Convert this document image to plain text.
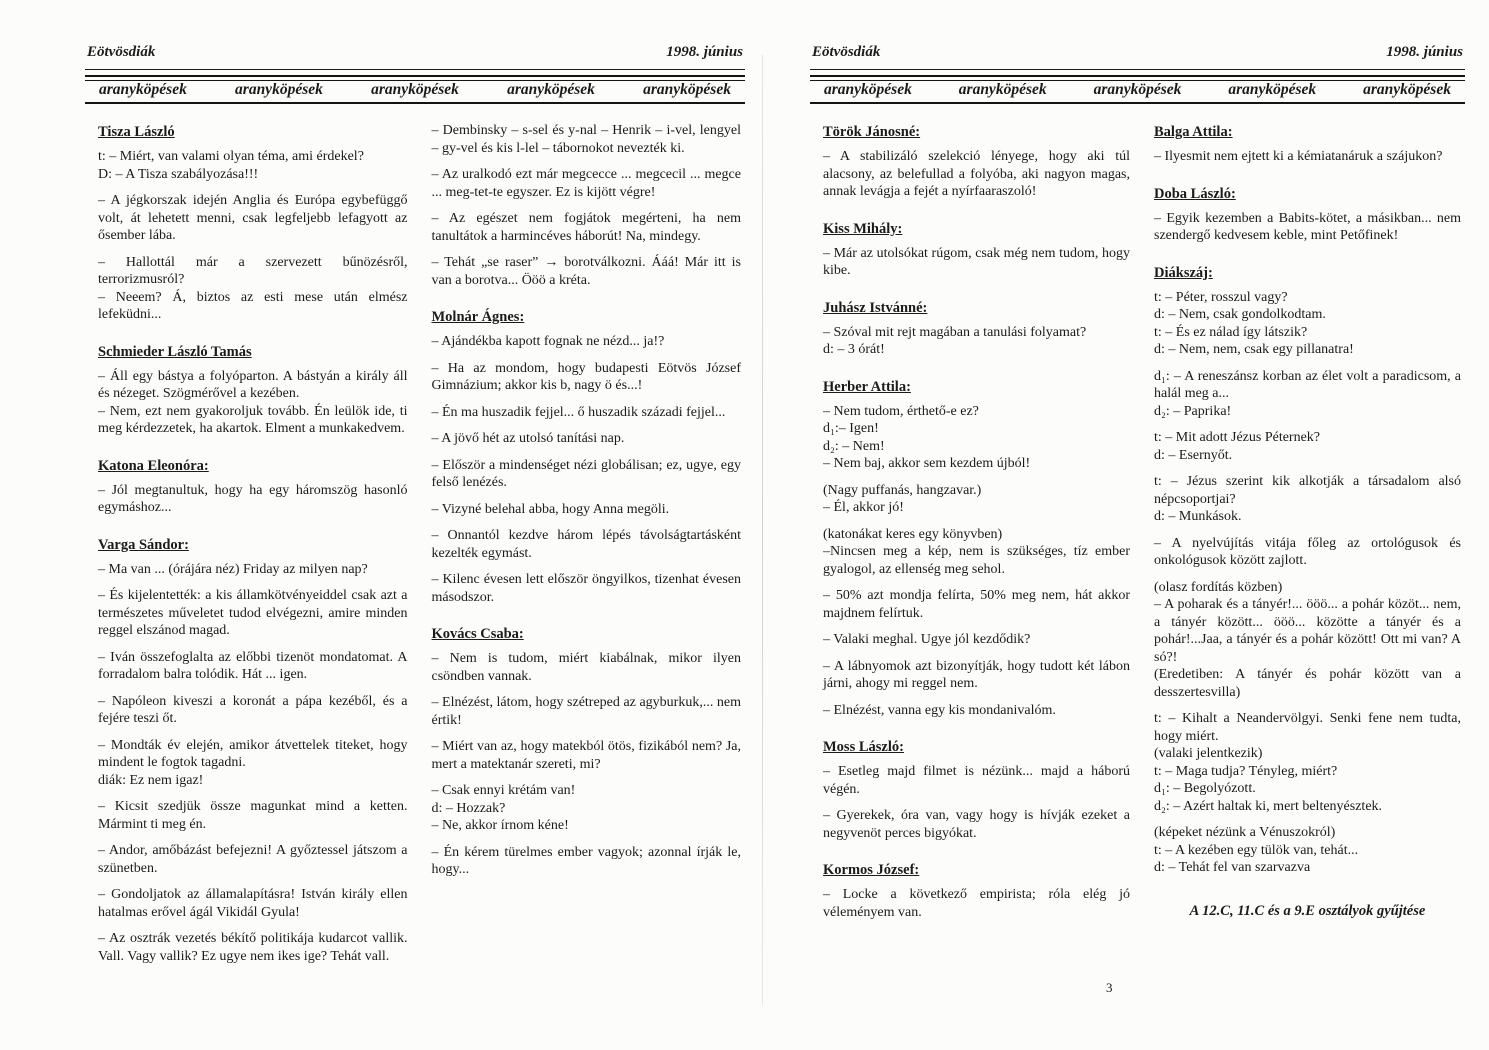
Eötvösdiák	1998. június
aranyköpések	aranyköpések	aranyköpések	aranyköpések	aranyköpések
Tisza László

t: – Miért, van valami olyan téma, ami érdekel?

D: – A Tisza szabályozása!!!

– A jégkorszak idején Anglia és Európa egybefüggő volt, át lehetett menni, csak legfeljebb lefagyott az ősember lába.

– Hallottál már a szervezett bűnözésről, terrorizmusról?

– Neeem? Á, biztos az esti mese után elmész lefeküdni...

Schmieder László Tamás

– Áll egy bástya a folyóparton. A bástyán a király áll és nézeget. Szögmérővel a kezében.

– Nem, ezt nem gyakoroljuk tovább. Én leülök ide, ti meg kérdezzetek, ha akartok. Elment a munkakedvem.

Katona Eleonóra:

– Jól megtanultuk, hogy ha egy háromszög hasonló egymáshoz...

Varga Sándor:

– Ma van ... (órájára néz) Friday az milyen nap?

– És kijelentették: a kis államkötvényeiddel csak azt a természetes műveletet tudod elvégezni, amire minden reggel elszánod magad.

– Iván összefoglalta az előbbi tizenöt mondatomat. A forradalom balra tolódik. Hát ... igen.

– Napóleon kiveszi a koronát a pápa kezéből, és a fejére teszi őt.

– Mondták év elején, amikor átvettelek titeket, hogy mindent le fogtok tagadni.

diák: Ez nem igaz!

– Kicsit szedjük össze magunkat mind a ketten. Mármint ti meg én.

– Andor, amőbázást befejezni! A győztessel játszom a szünetben.

– Gondoljatok az államalapításra! István király ellen hatalmas erővel ágál Vikidál Gyula!

– Az osztrák vezetés békítő politikája kudarcot vallik. Vall. Vagy vallik? Ez ugye nem ikes ige? Tehát vall.

– Dembinsky – s-sel és y-nal – Henrik – i-vel, lengyel – gy-vel és kis l-lel – tábornokot nevezték ki.

– Az uralkodó ezt már megcecce ... megcecil ... megce ... meg-tet-te egyszer. Ez is kijött végre!

– Az egészet nem fogjátok megérteni, ha nem tanultátok a harmincéves háborút! Na, mindegy.

– Tehát „se raser” → borotválkozni. Ááá! Már itt is van a borotva... Ööö a kréta.

Molnár Ágnes:

– Ajándékba kapott fognak ne nézd... ja!?

– Ha az mondom, hogy budapesti Eötvös József Gimnázium; akkor kis b, nagy ö és...!

– Én ma huszadik fejjel... ő huszadik századi fejjel...

– A jövő hét az utolsó tanítási nap.

– Először a mindenséget nézi globálisan; ez, ugye, egy felső lenézés.

– Vizyné belehal abba, hogy Anna megöli.

– Onnantól kezdve három lépés távolságtartásként kezelték egymást.

– Kilenc évesen lett először öngyilkos, tizenhat évesen másodszor.

Kovács Csaba:

– Nem is tudom, miért kiabálnak, mikor ilyen csöndben vannak.

– Elnézést, látom, hogy szétreped az agyburkuk,... nem értik!

– Miért van az, hogy matekból ötös, fizikából nem? Ja, mert a matektanár szereti, mi?

– Csak ennyi krétám van!

d: – Hozzak?

– Ne, akkor írnom kéne!

– Én kérem türelmes ember vagyok; azonnal írják le, hogy...

Eötvösdiák	1998. június
aranyköpések	aranyköpések	aranyköpések	aranyköpések	aranyköpések
Török Jánosné:

– A stabilizáló szelekció lényege, hogy aki túl alacsony, az belefullad a folyóba, aki nagyon magas, annak levágja a fejét a nyírfaaraszoló!

Kiss Mihály:

– Már az utolsókat rúgom, csak még nem tudom, hogy kibe.

Juhász Istvánné:

– Szóval mit rejt magában a tanulási folyamat?

d: – 3 órát!

Herber Attila:

– Nem tudom, érthető-e ez?

d₁:– Igen!

d₂: – Nem!

– Nem baj, akkor sem kezdem újból!

(Nagy puffanás, hangzavar.)

– Él, akkor jó!

(katonákat keres egy könyvben)

–Nincsen meg a kép, nem is szükséges, tíz ember gyalogol, az ellenség meg sehol.

– 50% azt mondja felírta, 50% meg nem, hát akkor majdnem felírtuk.

– Valaki meghal. Ugye jól kezdődik?

– A lábnyomok azt bizonyítják, hogy tudott két lábon járni, ahogy mi reggel nem.

– Elnézést, vanna egy kis mondanivalóm.

Moss László:

– Esetleg majd filmet is nézünk... majd a háború végén.

– Gyerekek, óra van, vagy hogy is hívják ezeket a negyvenöt perces bigyókat.

Kormos József:

– Locke a következő empirista; róla elég jó véleményem van.

Balga Attila:

– Ilyesmit nem ejtett ki a kémiatanáruk a szájukon?

Doba László:

– Egyik kezemben a Babits-kötet, a másikban... nem szendergő kedvesem keble, mint Petőfinek!

Diákszáj:

t: – Péter, rosszul vagy?

d: – Nem, csak gondolkodtam.

t: – És ez nálad így látszik?

d: – Nem, nem, csak egy pillanatra!

d₁: – A reneszánsz korban az élet volt a paradicsom, a halál meg a...

d₂: – Paprika!

t: – Mit adott Jézus Péternek?

d: – Esernyőt.

t: – Jézus szerint kik alkotják a társadalom alsó népcsoportjai?

d: – Munkások.

– A nyelvújítás vitája főleg az ortológusok és onkológusok között zajlott.

(olasz fordítás közben)

– A poharak és a tányér!... ööö... a pohár közöt... nem, a tányér között... ööö... közötte a tányér és a pohár!...Jaa, a tányér és a pohár között! Ott mi van? A só?!

(Eredetiben: A tányér és pohár között van a desszertesvilla)

t: – Kihalt a Neandervölgyi. Senki fene nem tudta, hogy miért.

(valaki jelentkezik)

t: – Maga tudja? Tényleg, miért?

d₁: – Begolyózott.

d₂: – Azért haltak ki, mert beltenyésztek.

(képeket nézünk a Vénuszokról)

t: – A kezében egy tülök van, tehát...

d: – Tehát fel van szarvazva

A 12.C, 11.C és a 9.E osztályok gyűjtése
3
